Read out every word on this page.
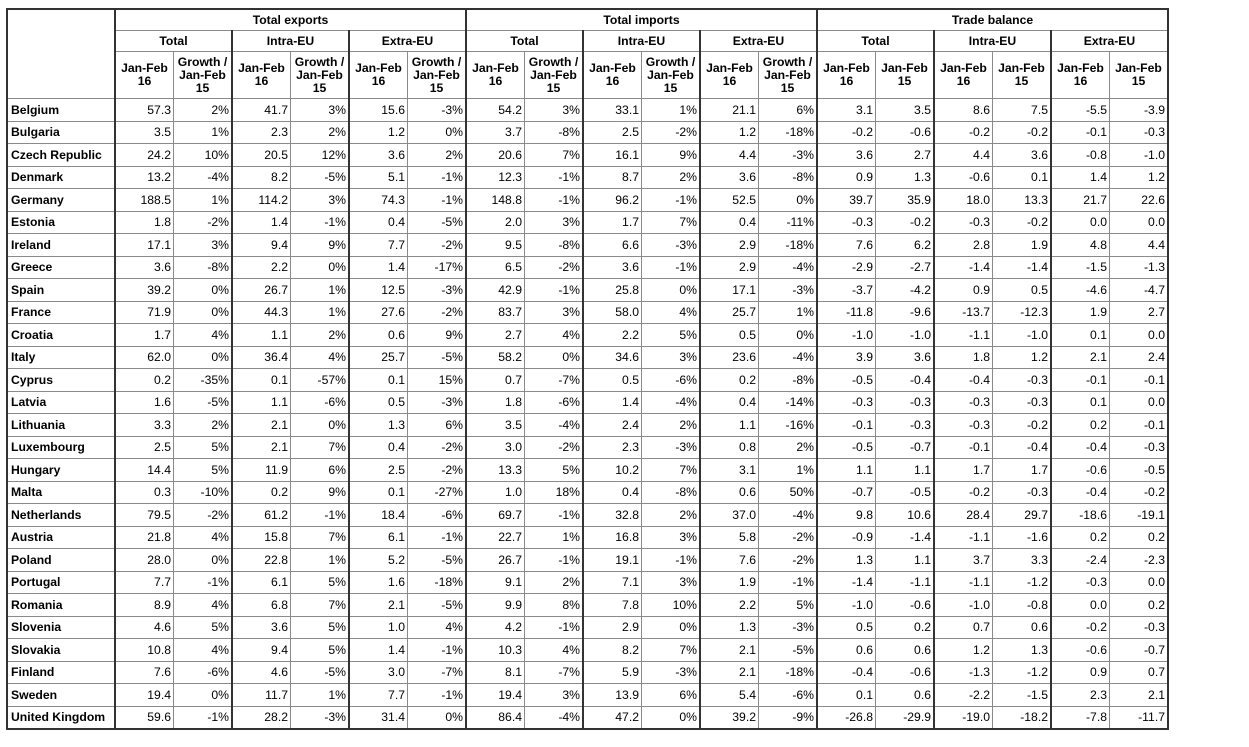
	Total exports						Total imports						Trade balance					
	Total		Intra-EU		Extra-EU		Total		Intra-EU		Extra-EU		Total		Intra-EU		Extra-EU	
	Jan-Feb 16	Growth / Jan-Feb 15	Jan-Feb 16	Growth / Jan-Feb 15	Jan-Feb 16	Growth / Jan-Feb 15	Jan-Feb 16	Growth / Jan-Feb 15	Jan-Feb 16	Growth / Jan-Feb 15	Jan-Feb 16	Growth / Jan-Feb 15	Jan-Feb 16	Jan-Feb 15	Jan-Feb 16	Jan-Feb 15	Jan-Feb 16	Jan-Feb 15
Belgium	57.3	2%	41.7	3%	15.6	-3%	54.2	3%	33.1	1%	21.1	6%	3.1	3.5	8.6	7.5	-5.5	-3.9
Bulgaria	3.5	1%	2.3	2%	1.2	0%	3.7	-8%	2.5	-2%	1.2	-18%	-0.2	-0.6	-0.2	-0.2	-0.1	-0.3
Czech Republic	24.2	10%	20.5	12%	3.6	2%	20.6	7%	16.1	9%	4.4	-3%	3.6	2.7	4.4	3.6	-0.8	-1.0
Denmark	13.2	-4%	8.2	-5%	5.1	-1%	12.3	-1%	8.7	2%	3.6	-8%	0.9	1.3	-0.6	0.1	1.4	1.2
Germany	188.5	1%	114.2	3%	74.3	-1%	148.8	-1%	96.2	-1%	52.5	0%	39.7	35.9	18.0	13.3	21.7	22.6
Estonia	1.8	-2%	1.4	-1%	0.4	-5%	2.0	3%	1.7	7%	0.4	-11%	-0.3	-0.2	-0.3	-0.2	0.0	0.0
Ireland	17.1	3%	9.4	9%	7.7	-2%	9.5	-8%	6.6	-3%	2.9	-18%	7.6	6.2	2.8	1.9	4.8	4.4
Greece	3.6	-8%	2.2	0%	1.4	-17%	6.5	-2%	3.6	-1%	2.9	-4%	-2.9	-2.7	-1.4	-1.4	-1.5	-1.3
Spain	39.2	0%	26.7	1%	12.5	-3%	42.9	-1%	25.8	0%	17.1	-3%	-3.7	-4.2	0.9	0.5	-4.6	-4.7
France	71.9	0%	44.3	1%	27.6	-2%	83.7	3%	58.0	4%	25.7	1%	-11.8	-9.6	-13.7	-12.3	1.9	2.7
Croatia	1.7	4%	1.1	2%	0.6	9%	2.7	4%	2.2	5%	0.5	0%	-1.0	-1.0	-1.1	-1.0	0.1	0.0
Italy	62.0	0%	36.4	4%	25.7	-5%	58.2	0%	34.6	3%	23.6	-4%	3.9	3.6	1.8	1.2	2.1	2.4
Cyprus	0.2	-35%	0.1	-57%	0.1	15%	0.7	-7%	0.5	-6%	0.2	-8%	-0.5	-0.4	-0.4	-0.3	-0.1	-0.1
Latvia	1.6	-5%	1.1	-6%	0.5	-3%	1.8	-6%	1.4	-4%	0.4	-14%	-0.3	-0.3	-0.3	-0.3	0.1	0.0
Lithuania	3.3	2%	2.1	0%	1.3	6%	3.5	-4%	2.4	2%	1.1	-16%	-0.1	-0.3	-0.3	-0.2	0.2	-0.1
Luxembourg	2.5	5%	2.1	7%	0.4	-2%	3.0	-2%	2.3	-3%	0.8	2%	-0.5	-0.7	-0.1	-0.4	-0.4	-0.3
Hungary	14.4	5%	11.9	6%	2.5	-2%	13.3	5%	10.2	7%	3.1	1%	1.1	1.1	1.7	1.7	-0.6	-0.5
Malta	0.3	-10%	0.2	9%	0.1	-27%	1.0	18%	0.4	-8%	0.6	50%	-0.7	-0.5	-0.2	-0.3	-0.4	-0.2
Netherlands	79.5	-2%	61.2	-1%	18.4	-6%	69.7	-1%	32.8	2%	37.0	-4%	9.8	10.6	28.4	29.7	-18.6	-19.1
Austria	21.8	4%	15.8	7%	6.1	-1%	22.7	1%	16.8	3%	5.8	-2%	-0.9	-1.4	-1.1	-1.6	0.2	0.2
Poland	28.0	0%	22.8	1%	5.2	-5%	26.7	-1%	19.1	-1%	7.6	-2%	1.3	1.1	3.7	3.3	-2.4	-2.3
Portugal	7.7	-1%	6.1	5%	1.6	-18%	9.1	2%	7.1	3%	1.9	-1%	-1.4	-1.1	-1.1	-1.2	-0.3	0.0
Romania	8.9	4%	6.8	7%	2.1	-5%	9.9	8%	7.8	10%	2.2	5%	-1.0	-0.6	-1.0	-0.8	0.0	0.2
Slovenia	4.6	5%	3.6	5%	1.0	4%	4.2	-1%	2.9	0%	1.3	-3%	0.5	0.2	0.7	0.6	-0.2	-0.3
Slovakia	10.8	4%	9.4	5%	1.4	-1%	10.3	4%	8.2	7%	2.1	-5%	0.6	0.6	1.2	1.3	-0.6	-0.7
Finland	7.6	-6%	4.6	-5%	3.0	-7%	8.1	-7%	5.9	-3%	2.1	-18%	-0.4	-0.6	-1.3	-1.2	0.9	0.7
Sweden	19.4	0%	11.7	1%	7.7	-1%	19.4	3%	13.9	6%	5.4	-6%	0.1	0.6	-2.2	-1.5	2.3	2.1
United Kingdom	59.6	-1%	28.2	-3%	31.4	0%	86.4	-4%	47.2	0%	39.2	-9%	-26.8	-29.9	-19.0	-18.2	-7.8	-11.7
